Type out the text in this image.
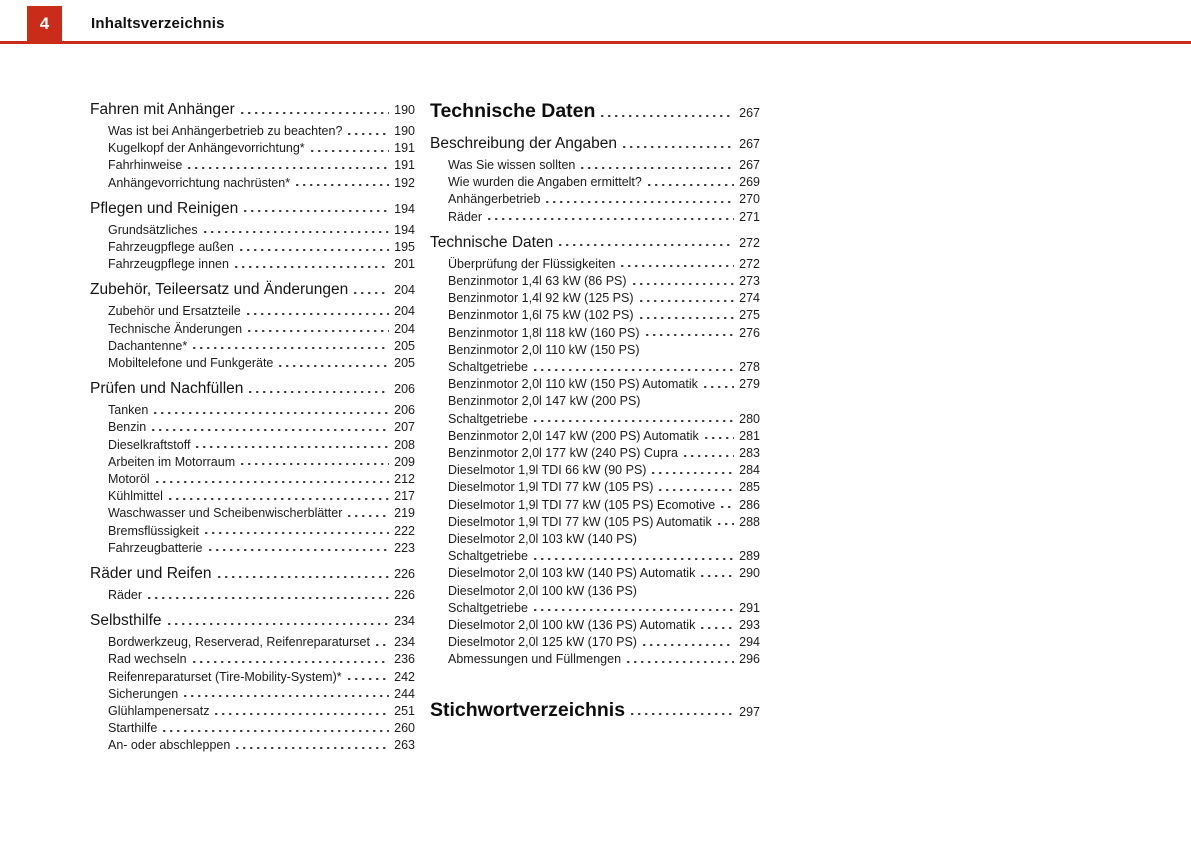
4	Inhaltsverzeichnis
Fahren mit Anhänger	190
Was ist bei Anhängerbetrieb zu beachten?	190
Kugelkopf der Anhängevorrichtung*	191
Fahrhinweise	191
Anhängevorrichtung nachrüsten*	192
Pflegen und Reinigen	194
Grundsätzliches	194
Fahrzeugpflege außen	195
Fahrzeugpflege innen	201
Zubehör, Teileersatz und Änderungen	204
Zubehör und Ersatzteile	204
Technische Änderungen	204
Dachantenne*	205
Mobiltelefone und Funkgeräte	205
Prüfen und Nachfüllen	206
Tanken	206
Benzin	207
Dieselkraftstoff	208
Arbeiten im Motorraum	209
Motoröl	212
Kühlmittel	217
Waschwasser und Scheibenwischerblätter	219
Bremsflüssigkeit	222
Fahrzeugbatterie	223
Räder und Reifen	226
Räder	226
Selbsthilfe	234
Bordwerkzeug, Reserverad, Reifenreparaturset 234
Rad wechseln	236
Reifenreparaturset (Tire-Mobility-System)*	242
Sicherungen	244
Glühlampenersatz	251
Starthilfe	260
An- oder abschleppen	263
Technische Daten	267
Beschreibung der Angaben	267
Was Sie wissen sollten	267
Wie wurden die Angaben ermittelt?	269
Anhängerbetrieb	270
Räder	271
Technische Daten	272
Überprüfung der Flüssigkeiten	272
Benzinmotor 1,4l 63 kW (86 PS)	273
Benzinmotor 1,4l 92 kW (125 PS)	274
Benzinmotor 1,6l 75 kW (102 PS)	275
Benzinmotor 1,8l 118 kW (160 PS)	276
Benzinmotor 2,0l 110 kW (150 PS)
Schaltgetriebe	278
Benzinmotor 2,0l 110 kW (150 PS) Automatik	279
Benzinmotor 2,0l 147 kW (200 PS)
Schaltgetriebe	280
Benzinmotor 2,0l 147 kW (200 PS) Automatik	281
Benzinmotor 2,0l 177 kW (240 PS) Cupra	283
Dieselmotor 1,9l TDI 66 kW (90 PS)	284
Dieselmotor 1,9l TDI 77 kW (105 PS)	285
Dieselmotor 1,9l TDI 77 kW (105 PS) Ecomotive 286
Dieselmotor 1,9l TDI 77 kW (105 PS) Automatik 288
Dieselmotor 2,0l 103 kW (140 PS)
Schaltgetriebe	289
Dieselmotor 2,0l 103 kW (140 PS) Automatik	290
Dieselmotor 2,0l 100 kW (136 PS)
Schaltgetriebe	291
Dieselmotor 2,0l 100 kW (136 PS) Automatik	293
Dieselmotor 2,0l 125 kW (170 PS)	294
Abmessungen und Füllmengen	296
Stichwortverzeichnis	297
